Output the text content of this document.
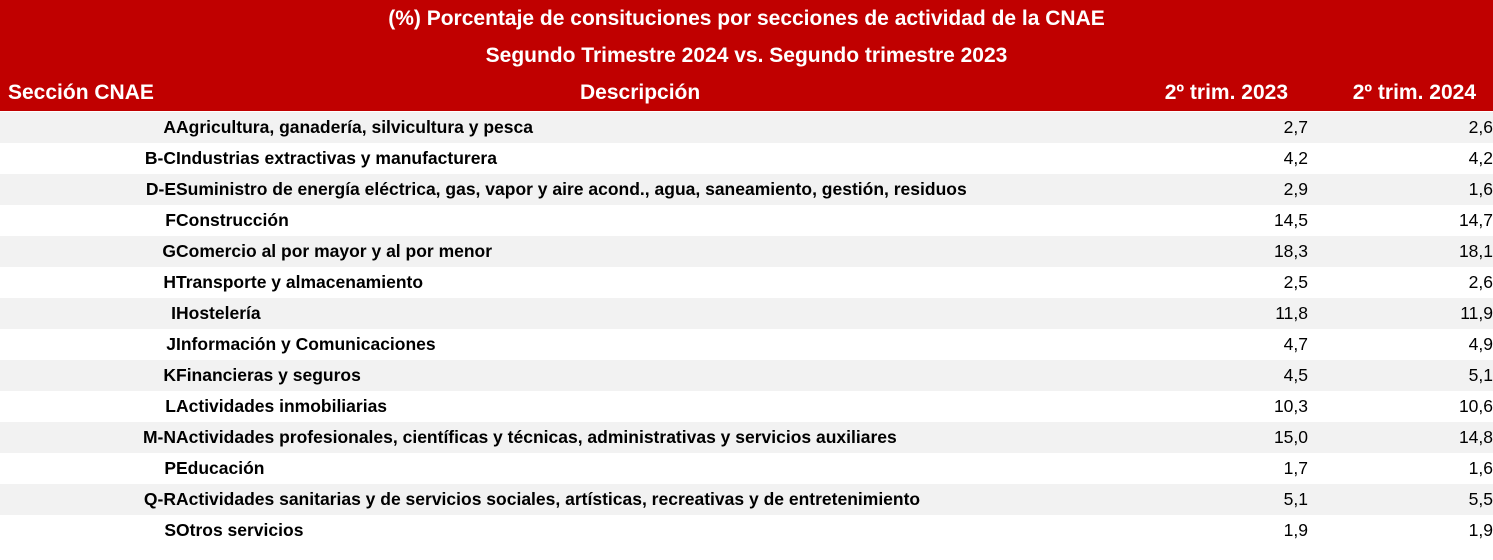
(%) Porcentaje de consituciones por secciones de actividad de la CNAE
Segundo Trimestre 2024 vs. Segundo trimestre 2023
Sección CNAE	Descripción	2º trim. 2023	2º trim. 2024
A	Agricultura, ganadería, silvicultura y pesca	2,7	2,6
B-C	Industrias extractivas y manufacturera	4,2	4,2
D-E	Suministro de energía eléctrica, gas, vapor y aire acond., agua, saneamiento, gestión, residuos	2,9	1,6
F	Construcción	14,5	14,7
G	Comercio al por mayor y al por menor	18,3	18,1
H	Transporte y almacenamiento	2,5	2,6
I	Hostelería	11,8	11,9
J	Información y Comunicaciones	4,7	4,9
K	Financieras y seguros	4,5	5,1
L	Actividades inmobiliarias	10,3	10,6
M-N	Actividades profesionales, científicas y técnicas, administrativas y servicios auxiliares	15,0	14,8
P	Educación	1,7	1,6
Q-R	Actividades sanitarias y de servicios sociales, artísticas, recreativas y de entretenimiento	5,1	5,5
S	Otros servicios	1,9	1,9
